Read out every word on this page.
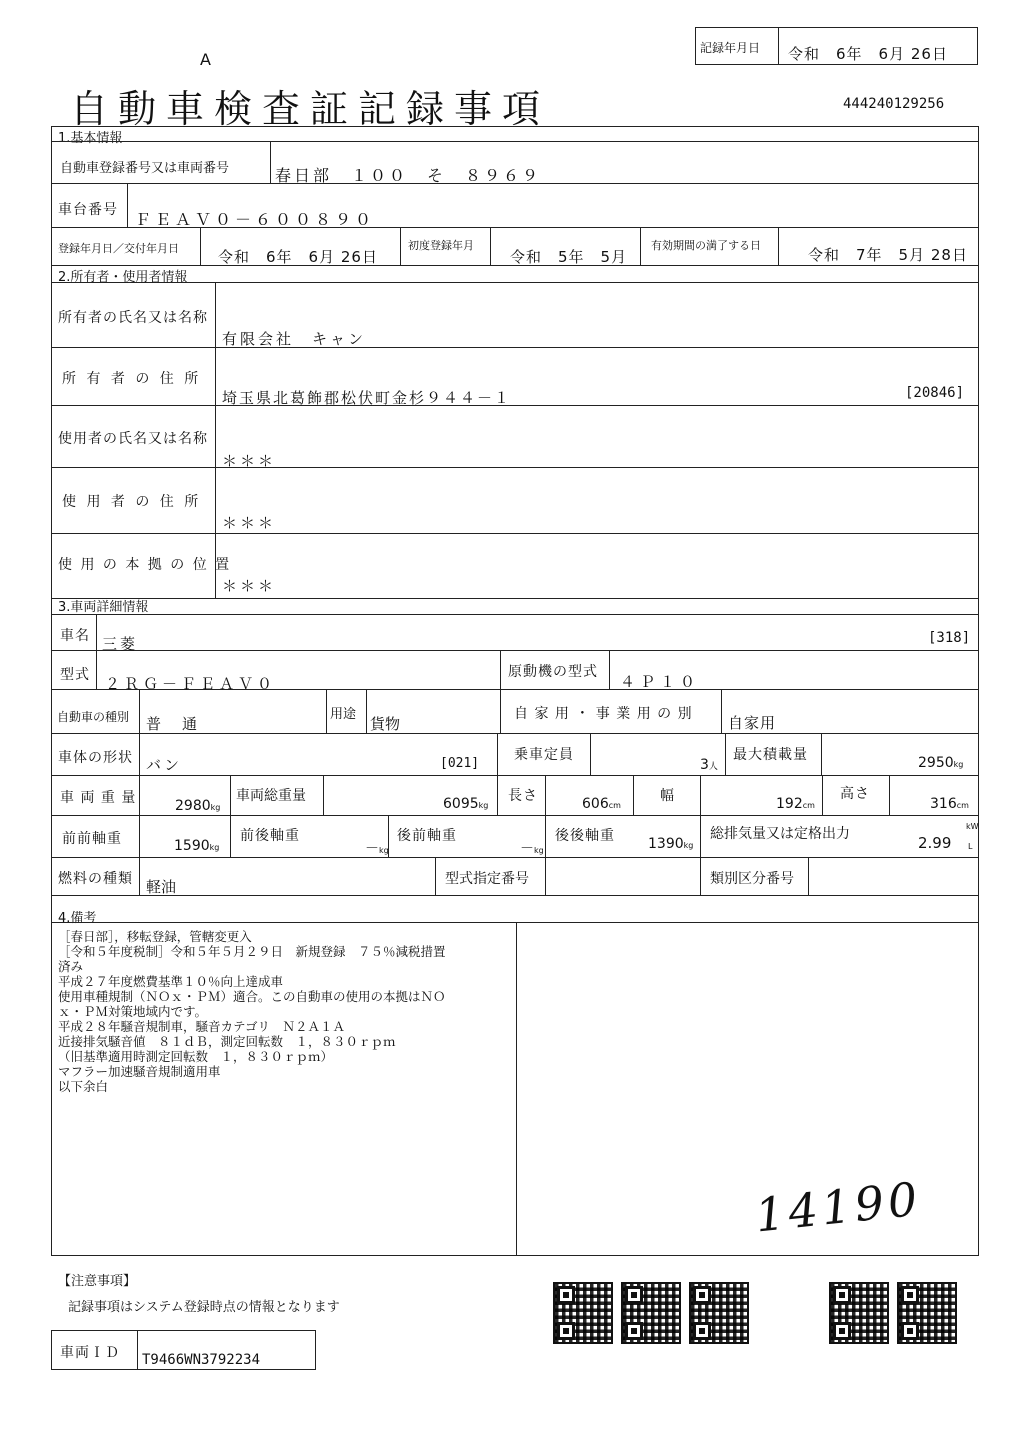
A
記録年月日 令和　6年　6月 26日
自動車検査証記録事項	444240129256
1.基本情報
自動車登録番号又は車両番号	春日部　１００　そ　８９６９
車台番号 ＦＥＡＶ０－６００８９０
登録年月日／交付年月日	令和　6年　6月 26日
初度登録年月
令和　5年　5月
有効期間の満了する日
令和　7年　5月 28日
2.所有者・使用者情報
所有者の氏名又は名称
有限会社　キャン
所 有 者 の 住 所
埼玉県北葛飾郡松伏町金杉９４４－１	[20846]
使用者の氏名又は名称
＊＊＊
使 用 者 の 住 所
＊＊＊
使 用 の 本 拠 の 位 置
＊＊＊
3.車両詳細情報
車名 三菱	[318]
型式 ２ＲＧ－ＦＥＡＶ０
原動機の型式
４Ｐ１０
自動車の種別 普　通
用途
貨物
自 家 用 ・ 事 業 用 の 別 自家用
車体の形状 バン	[021]
乗車定員
3人
最大積載量	2950kg
車 両 重 量	2980kg
車両総重量	6095kg
長さ	606cm
幅	192cm
高さ
316cm
前前軸重	1590kg
前後軸重
－kg
後前軸重
－kg
後後軸重 1390kg
総排気量又は定格出力	2.99
kW
L
燃料の種類 軽油	型式指定番号	類別区分番号
4.備考
［春日部］，移転登録，管轄変更入
［令和５年度税制］令和５年５月２９日　新規登録　７５％減税措置
済み
平成２７年度燃費基準１０％向上達成車
使用車種規制（ＮＯｘ・ＰＭ）適合。この自動車の使用の本拠はＮＯ
ｘ・ＰＭ対策地域内です。
平成２８年騒音規制車，騒音カテゴリ　Ｎ２Ａ１Ａ
近接排気騒音値　８１ｄＢ，測定回転数　１，８３０ｒｐｍ
（旧基準適用時測定回転数　１，８３０ｒｐｍ）
マフラー加速騒音規制適用車
以下余白
14190
【注意事項】
記録事項はシステム登録時点の情報となります
車両ＩＤ T9466WN3792234
